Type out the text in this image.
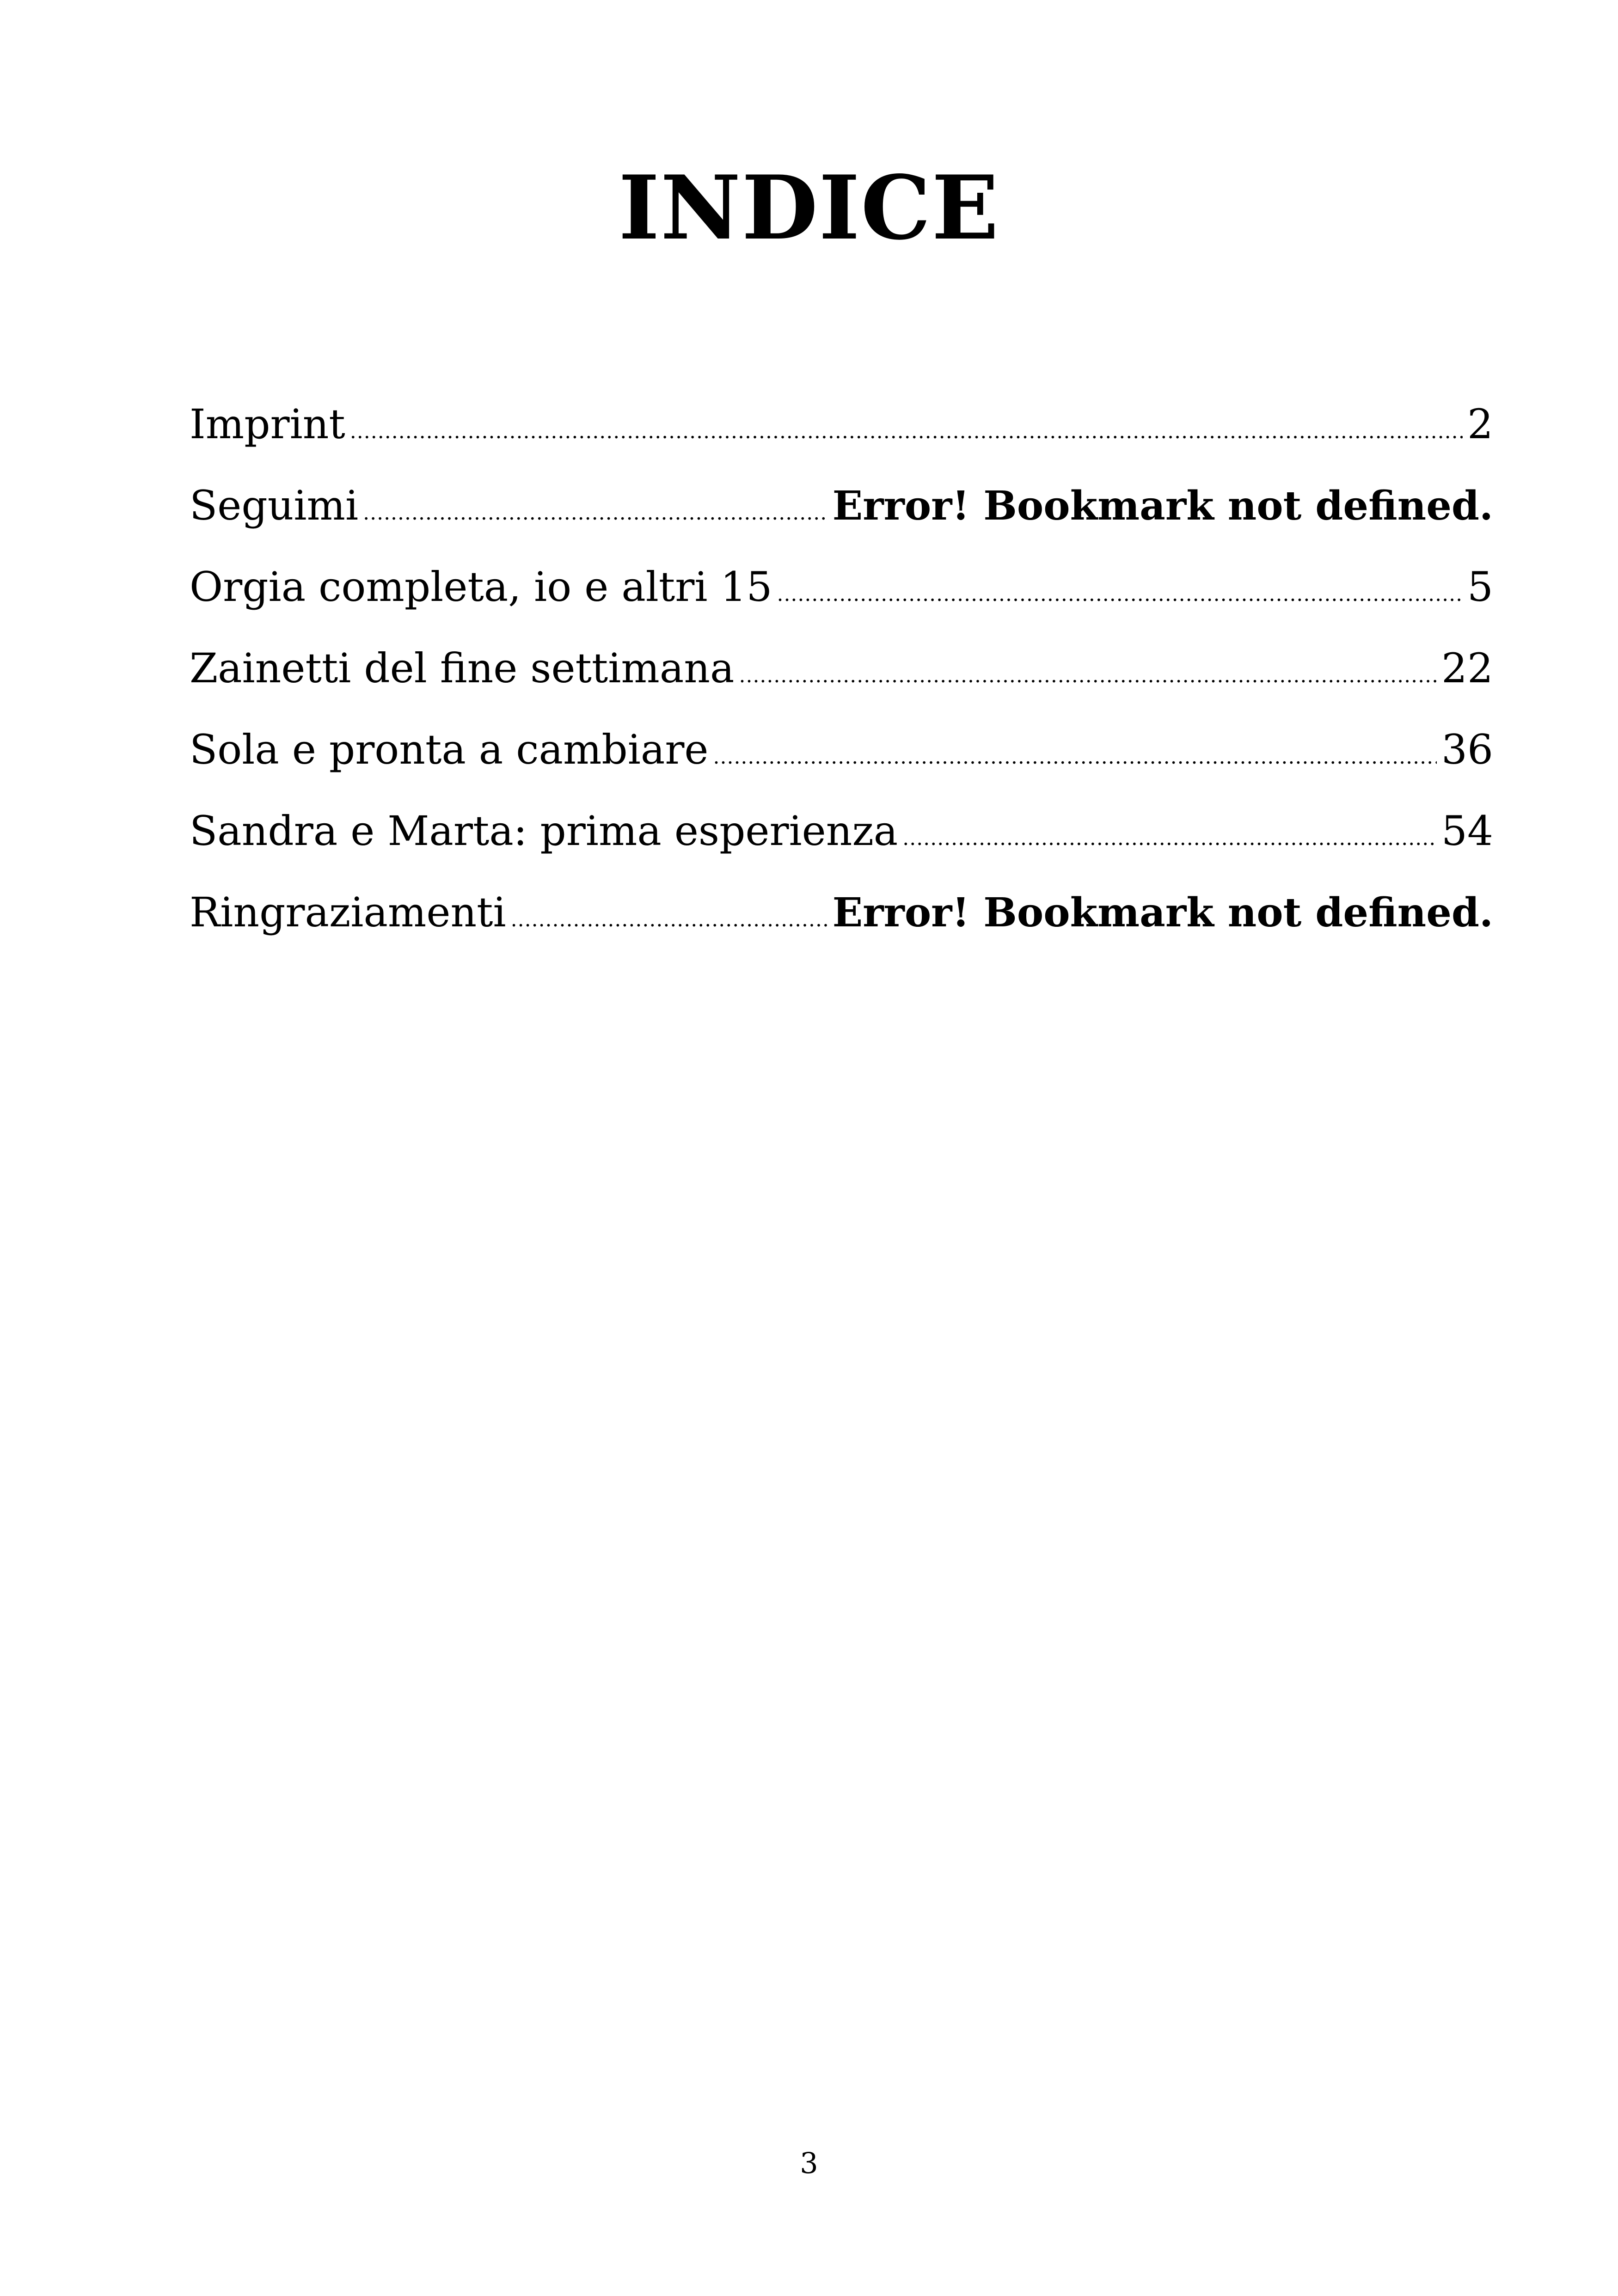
INDICE
Imprint .....	2
Seguimi .....	Error! Bookmark not defined.
Orgia completa, io e altri 15 .....	5
Zainetti del fine settimana .....	22
Sola e pronta a cambiare .....	36
Sandra e Marta: prima esperienza .....	54
Ringraziamenti .....	Error! Bookmark not defined.
3
